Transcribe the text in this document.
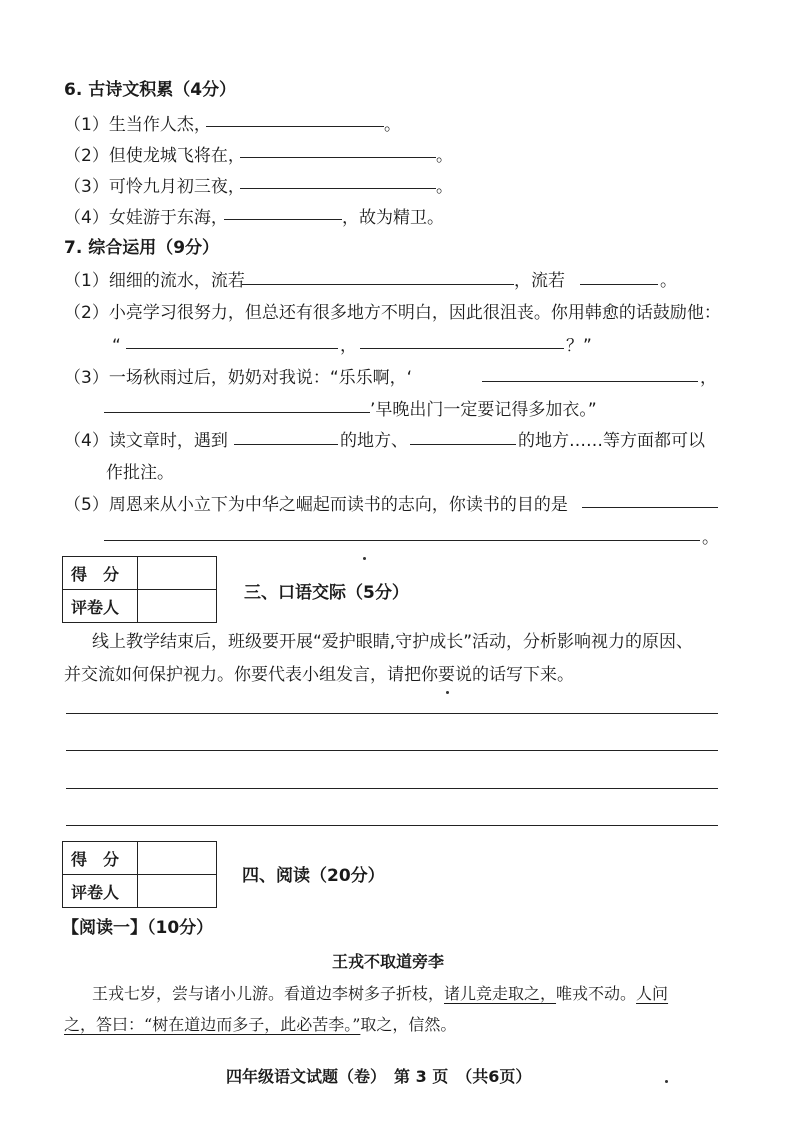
6. 古诗文积累（4分）
（1）生当作人杰，	。
（2）但使龙城飞将在，	。
（3）可怜九月初三夜，	。
（4）女娃游于东海，	，故为精卫。
7. 综合运用（9分）
（1）细细的流水，流若	，流若	。
（2）小亮学习很努力，但总还有很多地方不明白，因此很沮丧。你用韩愈的话鼓励他：
“	，	？”
（3）一场秋雨过后，奶奶对我说：“乐乐啊，‘	，
’早晚出门一定要记得多加衣。”
（4）读文章时，遇到	的地方、	的地方……等方面都可以
作批注。
（5）周恩来从小立下为中华之崛起而读书的志向，你读书的目的是
。
得　分	
评卷人	
三、口语交际（5分）
线上教学结束后，班级要开展“爱护眼睛,守护成长”活动，分析影响视力的原因、
并交流如何保护视力。你要代表小组发言，请把你要说的话写下来。
得　分	
评卷人	
四、阅读（20分）
【阅读一】（10分）
王戎不取道旁李
王戎七岁，尝与诸小儿游。看道边李树多子折枝，诸儿竞走取之，唯戎不动。人问
之，答曰：“树在道边而多子，此必苦李。”取之，信然。
四年级语文试题（卷）　第 3 页　（共6页）
